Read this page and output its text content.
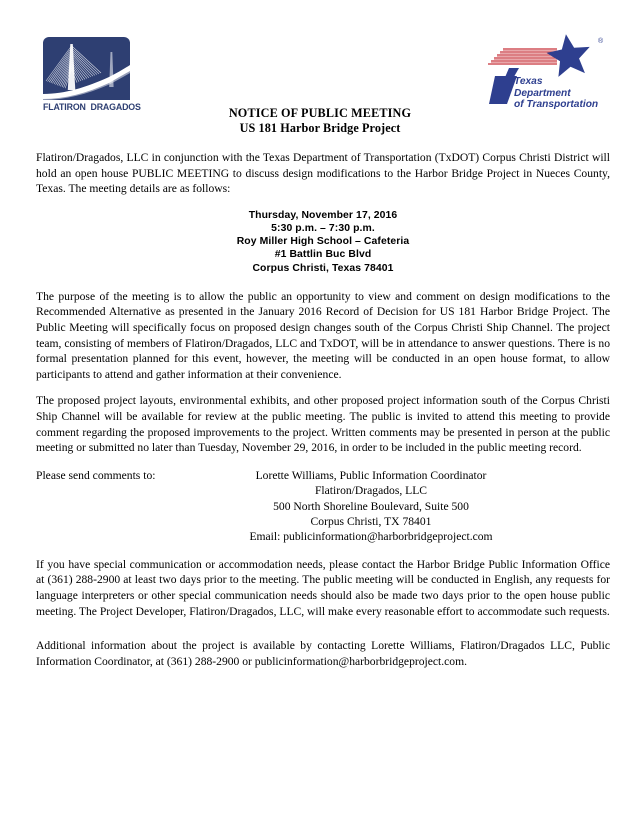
FLATIRON DRAGADOS
®
Texas
Department
of Transportation
NOTICE OF PUBLIC MEETING
US 181 Harbor Bridge Project

Flatiron/Dragados, LLC in conjunction with the Texas Department of Transportation (TxDOT) Corpus Christi District will hold an open house PUBLIC MEETING to discuss design modifications to the Harbor Bridge Project in Nueces County, Texas. The meeting details are as follows:

Thursday, November 17, 2016
5:30 p.m. – 7:30 p.m.
Roy Miller High School – Cafeteria
#1 Battlin Buc Blvd
Corpus Christi, Texas 78401

The purpose of the meeting is to allow the public an opportunity to view and comment on design modifications to the Recommended Alternative as presented in the January 2016 Record of Decision for US 181 Harbor Bridge Project. The Public Meeting will specifically focus on proposed design changes south of the Corpus Christi Ship Channel. The project team, consisting of members of Flatiron/Dragados, LLC and TxDOT, will be in attendance to answer questions. There is no formal presentation planned for this event, however, the meeting will be conducted in an open house format, to allow participants to attend and gather information at their convenience.

The proposed project layouts, environmental exhibits, and other proposed project information south of the Corpus Christi Ship Channel will be available for review at the public meeting. The public is invited to attend this meeting to provide comment regarding the proposed improvements to the project. Written comments may be presented in person at the public meeting or submitted no later than Tuesday, November 29, 2016, in order to be included in the public meeting record.

Please send comments to:	Lorette Williams, Public Information Coordinator
Flatiron/Dragados, LLC
500 North Shoreline Boulevard, Suite 500
Corpus Christi, TX 78401
Email: publicinformation@harborbridgeproject.com

If you have special communication or accommodation needs, please contact the Harbor Bridge Public Information Office at (361) 288-2900 at least two days prior to the meeting. The public meeting will be conducted in English, any requests for language interpreters or other special communication needs should also be made two days prior to the open house public meeting. The Project Developer, Flatiron/Dragados, LLC, will make every reasonable effort to accommodate such requests.

Additional information about the project is available by contacting Lorette Williams, Flatiron/Dragados LLC, Public Information Coordinator, at (361) 288-2900 or publicinformation@harborbridgeproject.com.
